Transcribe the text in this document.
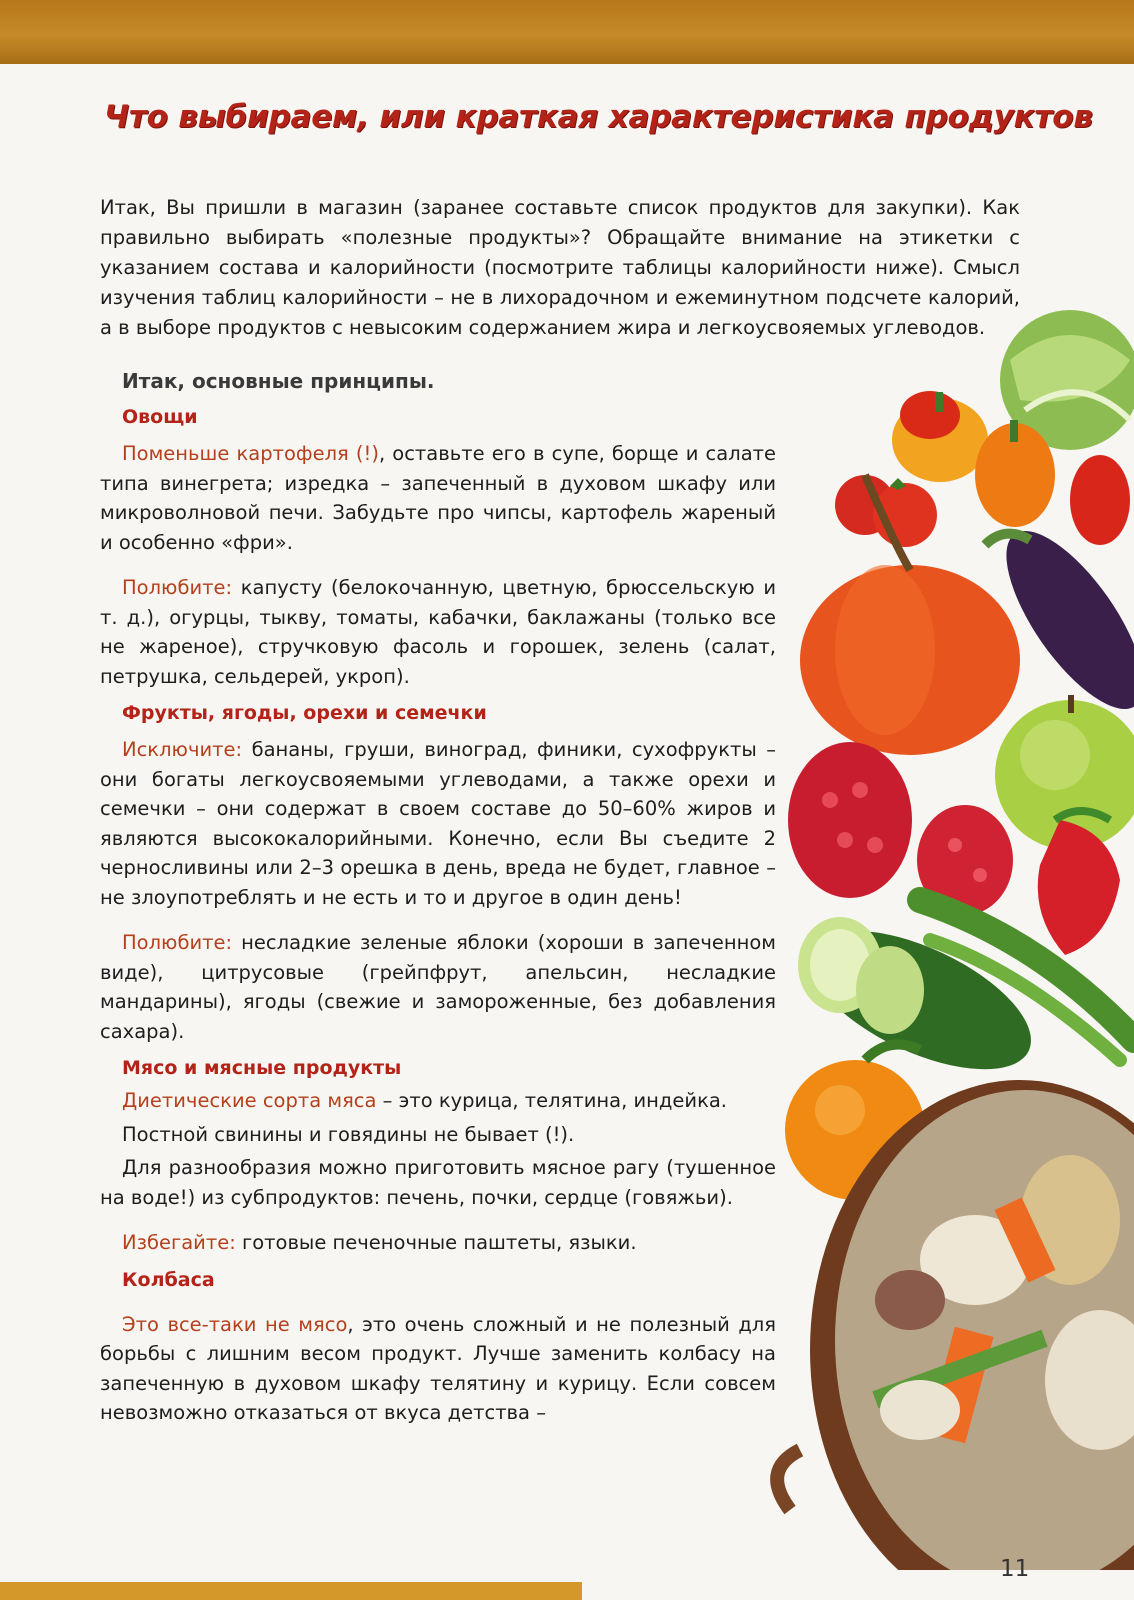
Что выбираем, или краткая характеристика продуктов

Итак, Вы пришли в магазин (заранее составьте список продуктов для закупки). Как правильно выбирать «полезные продукты»? Обращайте внимание на этикетки с указанием состава и калорийности (посмотрите таблицы калорийности ниже). Смысл изучения таблиц калорийности – не в лихорадочном и ежеминутном подсчете калорий, а в выборе продуктов с невысоким содержанием жира и легкоусвояемых углеводов.

Итак, основные принципы.
Овощи

Поменьше картофеля (!), оставьте его в супе, борще и салате типа винегрета; изредка – запеченный в духовом шкафу или микроволновой печи. Забудьте про чипсы, картофель жареный и особенно «фри».

Полюбите: капусту (белокочанную, цветную, брюссельскую и т. д.), огурцы, тыкву, томаты, кабачки, баклажаны (только все не жареное), стручковую фасоль и горошек, зелень (салат, петрушка, сельдерей, укроп).

Фрукты, ягоды, орехи и семечки

Исключите: бананы, груши, виноград, финики, сухофрукты – они богаты легкоусвояемыми углеводами, а также орехи и семечки – они содержат в своем составе до 50–60% жиров и являются высококалорийными. Конечно, если Вы съедите 2 черносливины или 2–3 орешка в день, вреда не будет, главное – не злоупотреблять и не есть и то и другое в один день!

Полюбите: несладкие зеленые яблоки (хороши в запеченном виде), цитрусовые (грейпфрут, апельсин, несладкие мандарины), ягоды (свежие и замороженные, без добавления сахара).

Мясо и мясные продукты

Диетические сорта мяса – это курица, телятина, индейка.

Постной свинины и говядины не бывает (!).

Для разнообразия можно приготовить мясное рагу (тушенное на воде!) из субпродуктов: печень, почки, сердце (говяжьи).

Избегайте: готовые печеночные паштеты, языки.

Колбаса

Это все-таки не мясо, это очень сложный и не полезный для борьбы с лишним весом продукт. Лучше заменить колбасу на запеченную в духовом шкафу телятину и курицу. Если совсем невозможно отказаться от вкуса детства –

11
